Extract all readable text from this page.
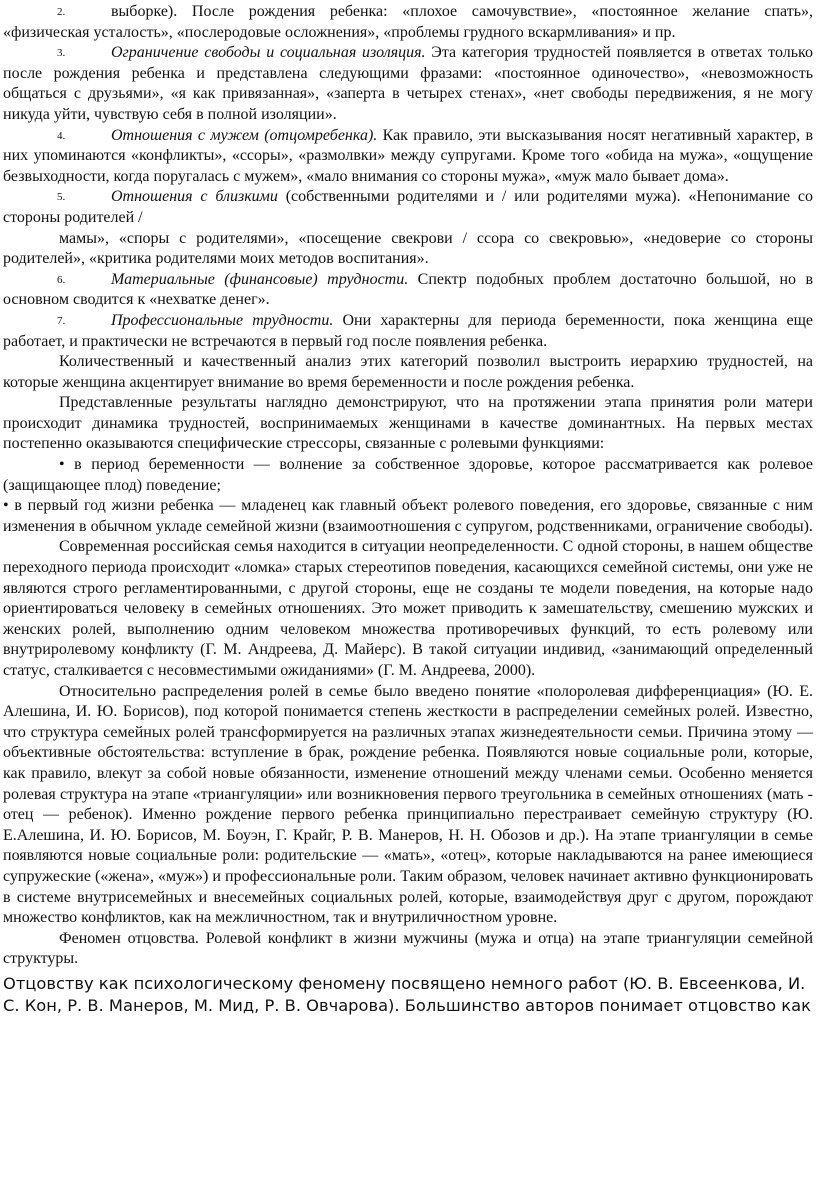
2.	выборке). После рождения ребенка: «плохое самочувствие», «постоянное желание спать», «физическая усталость», «послеродовые осложнения», «проблемы грудного вскармливания» и пр.

3.	Ограничение свободы и социальная изоляция. Эта категория трудностей появляется в ответах только после рождения ребенка и представлена следующими фразами: «постоянное одиночество», «невозможность общаться с друзьями», «я как привязанная», «заперта в четырех стенах», «нет свободы передвижения, я не могу никуда уйти, чувствую себя в полной изоляции».

4.	Отношения с мужем (отцомребенка). Как правило, эти высказывания носят негативный характер, в них упоминаются «конфликты», «ссоры», «размолвки» между супругами. Кроме того «обида на мужа», «ощущение безвыходности, когда поругалась с мужем», «мало внимания со стороны мужа», «муж мало бывает дома».

5.	Отношения с близкими (собственными родителями и / или родителями мужа). «Непонимание со стороны родителей /

мамы», «споры с родителями», «посещение свекрови / ссора со свекровью», «недоверие со стороны родителей», «критика родителями моих методов воспитания».

6.	Материальные (финансовые) трудности. Спектр подобных проблем достаточно большой, но в основном сводится к «нехватке денег».

7.	Профессиональные трудности. Они характерны для периода беременности, пока женщина еще работает, и практически не встречаются в первый год после появления ребенка.

Количественный и качественный анализ этих категорий позволил выстроить иерархию трудностей, на которые женщина акцентирует внимание во время беременности и после рождения ребенка.

Представленные результаты наглядно демонстрируют, что на протяжении этапа принятия роли матери происходит динамика трудностей, воспринимаемых женщинами в качестве доминантных. На первых местах постепенно оказываются специфические стрессоры, связанные с ролевыми функциями:

• в период беременности — волнение за собственное здоровье, которое рассматривается как ролевое (защищающее плод) поведение;

• в первый год жизни ребенка — младенец как главный объект ролевого поведения, его здоровье, связанные с ним изменения в обычном укладе семейной жизни (взаимоотношения с супругом, родственниками, ограничение свободы).

Современная российская семья находится в ситуации неопределенности. С одной стороны, в нашем обществе переходного периода происходит «ломка» старых стереотипов поведения, касающихся семейной системы, они уже не являются строго регламентированными, с другой стороны, еще не созданы те модели поведения, на которые надо ориентироваться человеку в семейных отношениях. Это может приводить к замешательству, смешению мужских и женских ролей, выполнению одним человеком множества противоречивых функций, то есть ролевому или внутриролевому конфликту (Г. М. Андреева, Д. Майерс). В такой ситуации индивид, «занимающий определенный статус, сталкивается с несовместимыми ожиданиями» (Г. М. Андреева, 2000).

Относительно распределения ролей в семье было введено понятие «полоролевая дифференциация» (Ю. Е. Алешина, И. Ю. Борисов), под которой понимается степень жесткости в распределении семейных ролей. Известно, что структура семейных ролей трансформируется на различных этапах жизнедеятельности семьи. Причина этому — объективные обстоятельства: вступление в брак, рождение ребенка. Появляются новые социальные роли, которые, как правило, влекут за собой новые обязанности, изменение отношений между членами семьи. Особенно меняется ролевая структура на этапе «триангуляции» или возникновения первого треугольника в семейных отношениях (мать - отец — ребенок). Именно рождение первого ребенка принципиально перестраивает семейную структуру (Ю. Е.Алешина, И. Ю. Борисов, М. Боуэн, Г. Крайг, Р. В. Манеров, Н. Н. Обозов и др.). На этапе триангуляции в семье появляются новые социальные роли: родительские — «мать», «отец», которые накладываются на ранее имеющиеся супружеские («жена», «муж») и профессиональные роли. Таким образом, человек начинает активно функционировать в системе внутрисемейных и внесемейных социальных ролей, которые, взаимодействуя друг с другом, порождают множество конфликтов, как на межличностном, так и внутриличностном уровне.

Феномен отцовства. Ролевой конфликт в жизни мужчины (мужа и отца) на этапе триангуляции семейной структуры.

Отцовству как психологическому феномену посвящено немного работ (Ю. В. Евсеенкова, И.

С. Кон, Р. В. Манеров, М. Мид, Р. В. Овчарова). Большинство авторов понимает отцовство как
